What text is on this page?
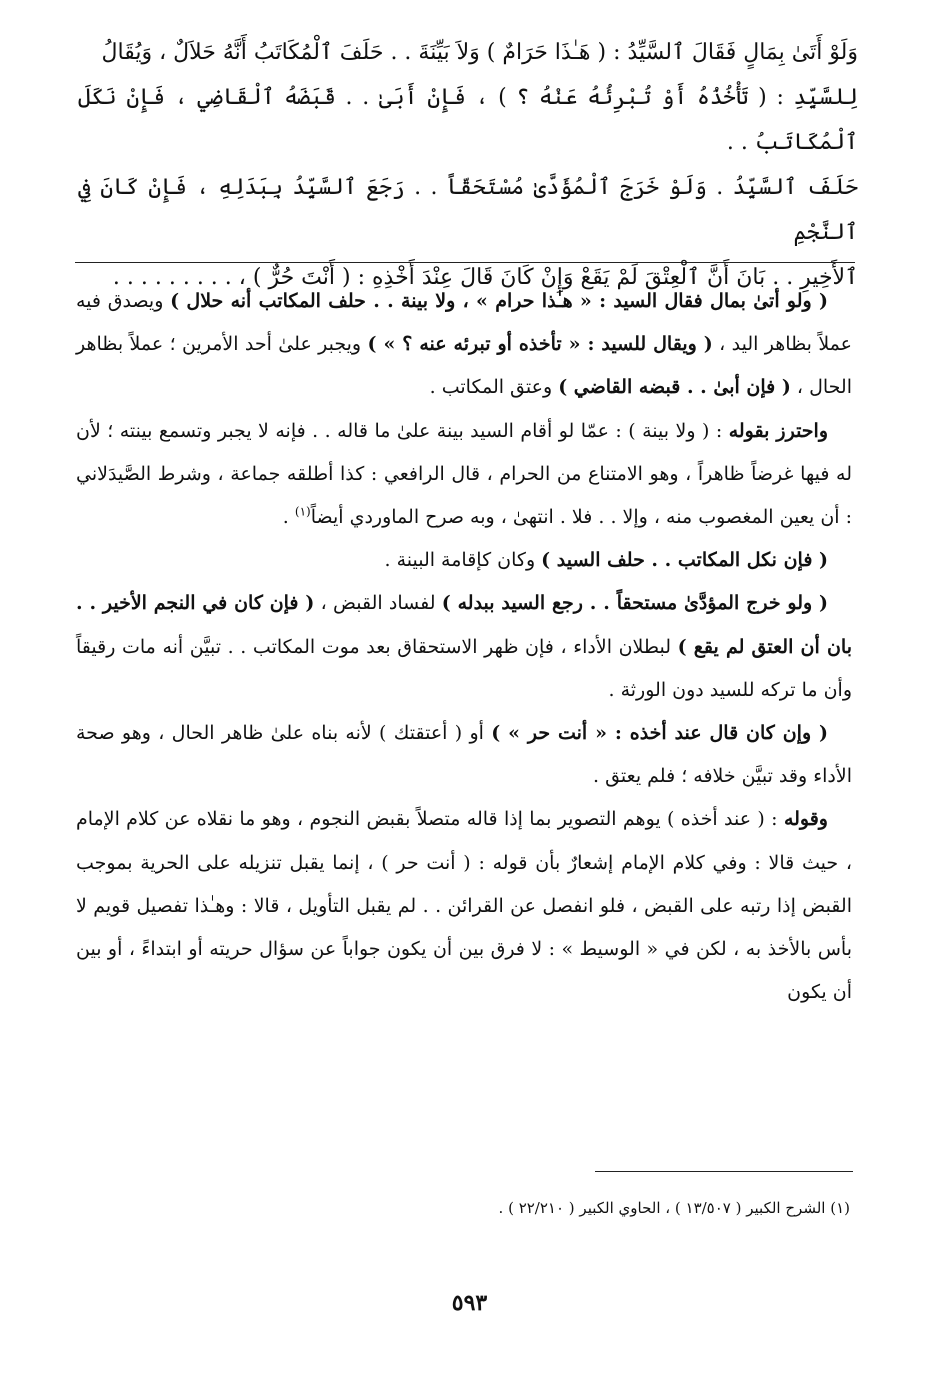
وَلَوْ أَتَىٰ بِمَالٍ فَقَالَ ٱلسَّيِّدُ : ( هَـٰذَا حَرَامٌ ) وَلاَ بَيِّنَةَ . . حَلَفَ ٱلْمُكَاتَبُ أَنَّهُ حَلاَلٌ ، وَيُقَالُ

لِلسَّيِّدِ : ( تَأْخُذُهُ أَوْ تُبْرِئُهُ عَنْهُ ؟ ) ، فَإِنْ أَبَىٰ . . قَبَضَهُ ٱلْقَاضِي ، فَإِنْ نَكَلَ ٱلْمُكَاتَبُ . .

حَلَفَ ٱلسَّيِّدُ . وَلَوْ خَرَجَ ٱلْمُؤَدَّىٰ مُسْتَحَقّاً . . رَجَعَ ٱلسَّيِّدُ بِبَدَلِهِ ، فَإِنْ كَانَ فِي ٱلنَّجْمِ

ٱلأَخِيرِ . . بَانَ أَنَّ ٱلْعِتْقَ لَمْ يَقَعْ وَإِنْ كَانَ قَالَ عِنْدَ أَخْذِهِ : ( أَنْتَ حُرٌّ ) ، . . . . . . . . .

( ولو أتىٰ بمال فقال السيد : « هـٰذا حرام » ، ولا بينة . . حلف المكاتب أنه حلال ) ويصدق فيه عملاً بظاهر اليد ، ( ويقال للسيد : « تأخذه أو تبرئه عنه ؟ » ) ويجبر علىٰ أحد الأمرين ؛ عملاً بظاهر الحال ، ( فإن أبىٰ . . قبضه القاضي ) وعتق المكاتب .

واحترز بقوله : ( ولا بينة ) : عمّا لو أقام السيد بينة علىٰ ما قاله . . فإنه لا يجبر وتسمع بينته ؛ لأن له فيها غرضاً ظاهراً ، وهو الامتناع من الحرام ، قال الرافعي : كذا أطلقه جماعة ، وشرط الصَّيدَلاني : أن يعين المغصوب منه ، وإلا . . فلا . انتهىٰ ، وبه صرح الماوردي أيضاً$^{(١)}$ .

( فإن نكل المكاتب . . حلف السيد ) وكان كإقامة البينة .

( ولو خرج المؤدَّىٰ مستحقاً . . رجع السيد ببدله ) لفساد القبض ، ( فإن كان في النجم الأخير . . بان أن العتق لم يقع ) لبطلان الأداء ، فإن ظهر الاستحقاق بعد موت المكاتب . . تبيَّن أنه مات رقيقاً وأن ما تركه للسيد دون الورثة .

( وإن كان قال عند أخذه : « أنت حر » ) أو ( أعتقتك ) لأنه بناه علىٰ ظاهر الحال ، وهو صحة الأداء وقد تبيَّن خلافه ؛ فلم يعتق .

وقوله : ( عند أخذه ) يوهم التصوير بما إذا قاله متصلاً بقبض النجوم ، وهو ما نقلاه عن كلام الإمام ، حيث قالا : وفي كلام الإمام إشعارٌ بأن قوله : ( أنت حر ) ، إنما يقبل تنزيله على الحرية بموجب القبض إذا رتبه على القبض ، فلو انفصل عن القرائن . . لم يقبل التأويل ، قالا : وهـٰذا تفصيل قويم لا بأس بالأخذ به ، لكن في « الوسيط » : لا فرق بين أن يكون جواباً عن سؤال حريته أو ابتداءً ، أو بين أن يكون

(١) الشرح الكبير ( ١٣/٥٠٧ ) ، الحاوي الكبير ( ٢٢/٢١٠ ) .
٥٩٣
